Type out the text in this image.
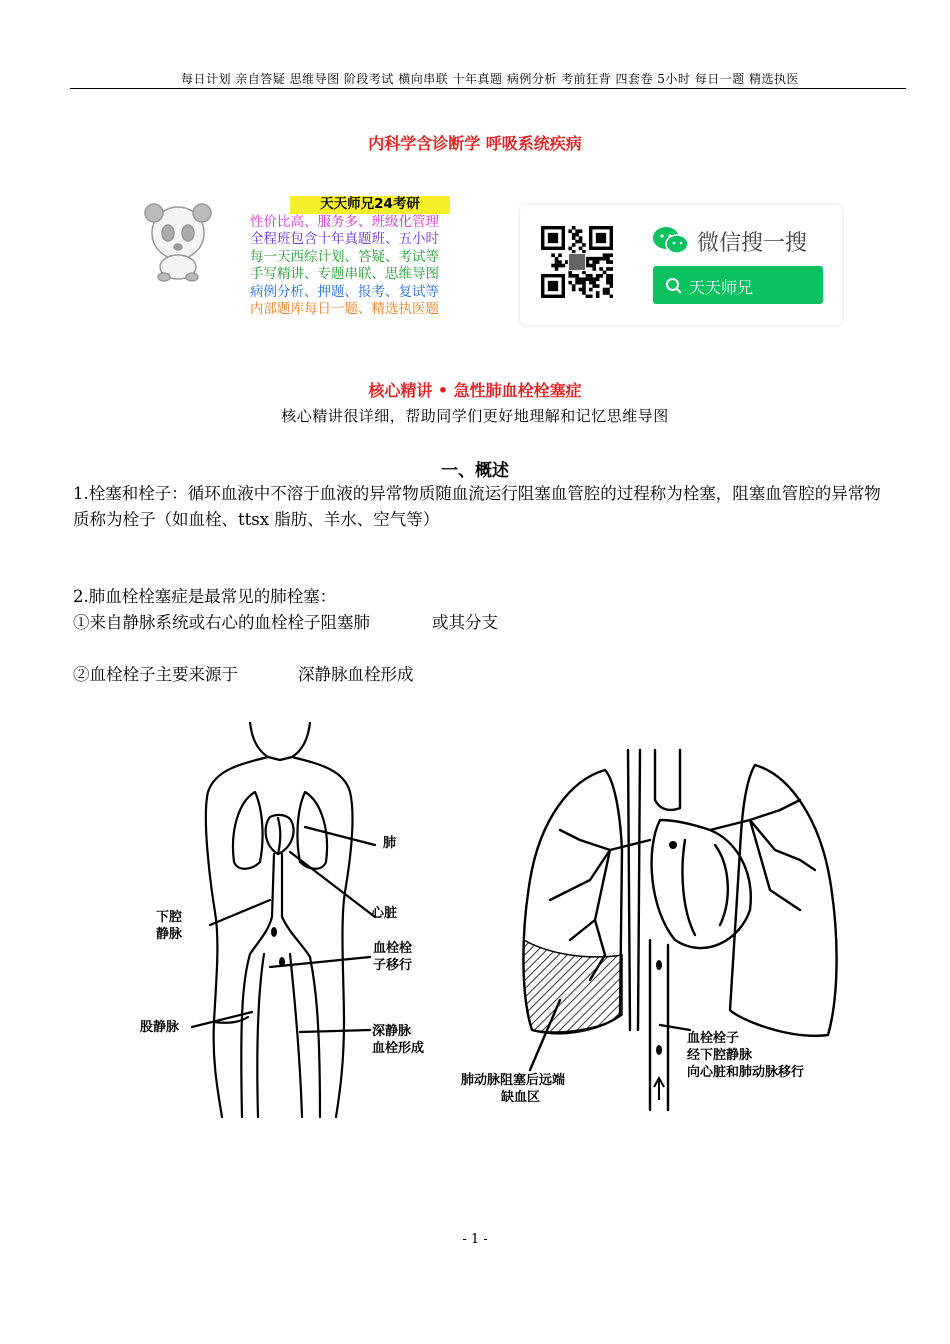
每日计划 亲自答疑 思维导图 阶段考试 横向串联 十年真题 病例分析 考前狂背 四套卷 5小时 每日一题 精选执医
内科学含诊断学 呼吸系统疾病
天天师兄24考研
性价比高、服务多、班级化管理
全程班包含十年真题班、五小时
每一天西综计划、答疑、考试等
手写精讲、专题串联、思维导图
病例分析、押题、报考、复试等
内部题库每日一题、精选执医题
微信搜一搜
天天师兄
核心精讲 • 急性肺血栓栓塞症
核心精讲很详细，帮助同学们更好地理解和记忆思维导图
一、概述
1.栓塞和栓子：循环血液中不溶于血液的异常物质随血流运行阻塞血管腔的过程称为栓塞，阻塞血管腔的异常物质称为栓子（如血栓、ttsx 脂肪、羊水、空气等）
2.肺血栓栓塞症是最常见的肺栓塞：
①来自静脉系统或右心的血栓栓子阻塞肺	或其分支
②血栓栓子主要来源于	深静脉血栓形成
肺
心脏
下腔
静脉
血栓栓
子移行
股静脉	深静脉
血栓形成
肺动脉阻塞后远端
缺血区
血栓栓子
经下腔静脉
向心脏和肺动脉移行
- 1 -
